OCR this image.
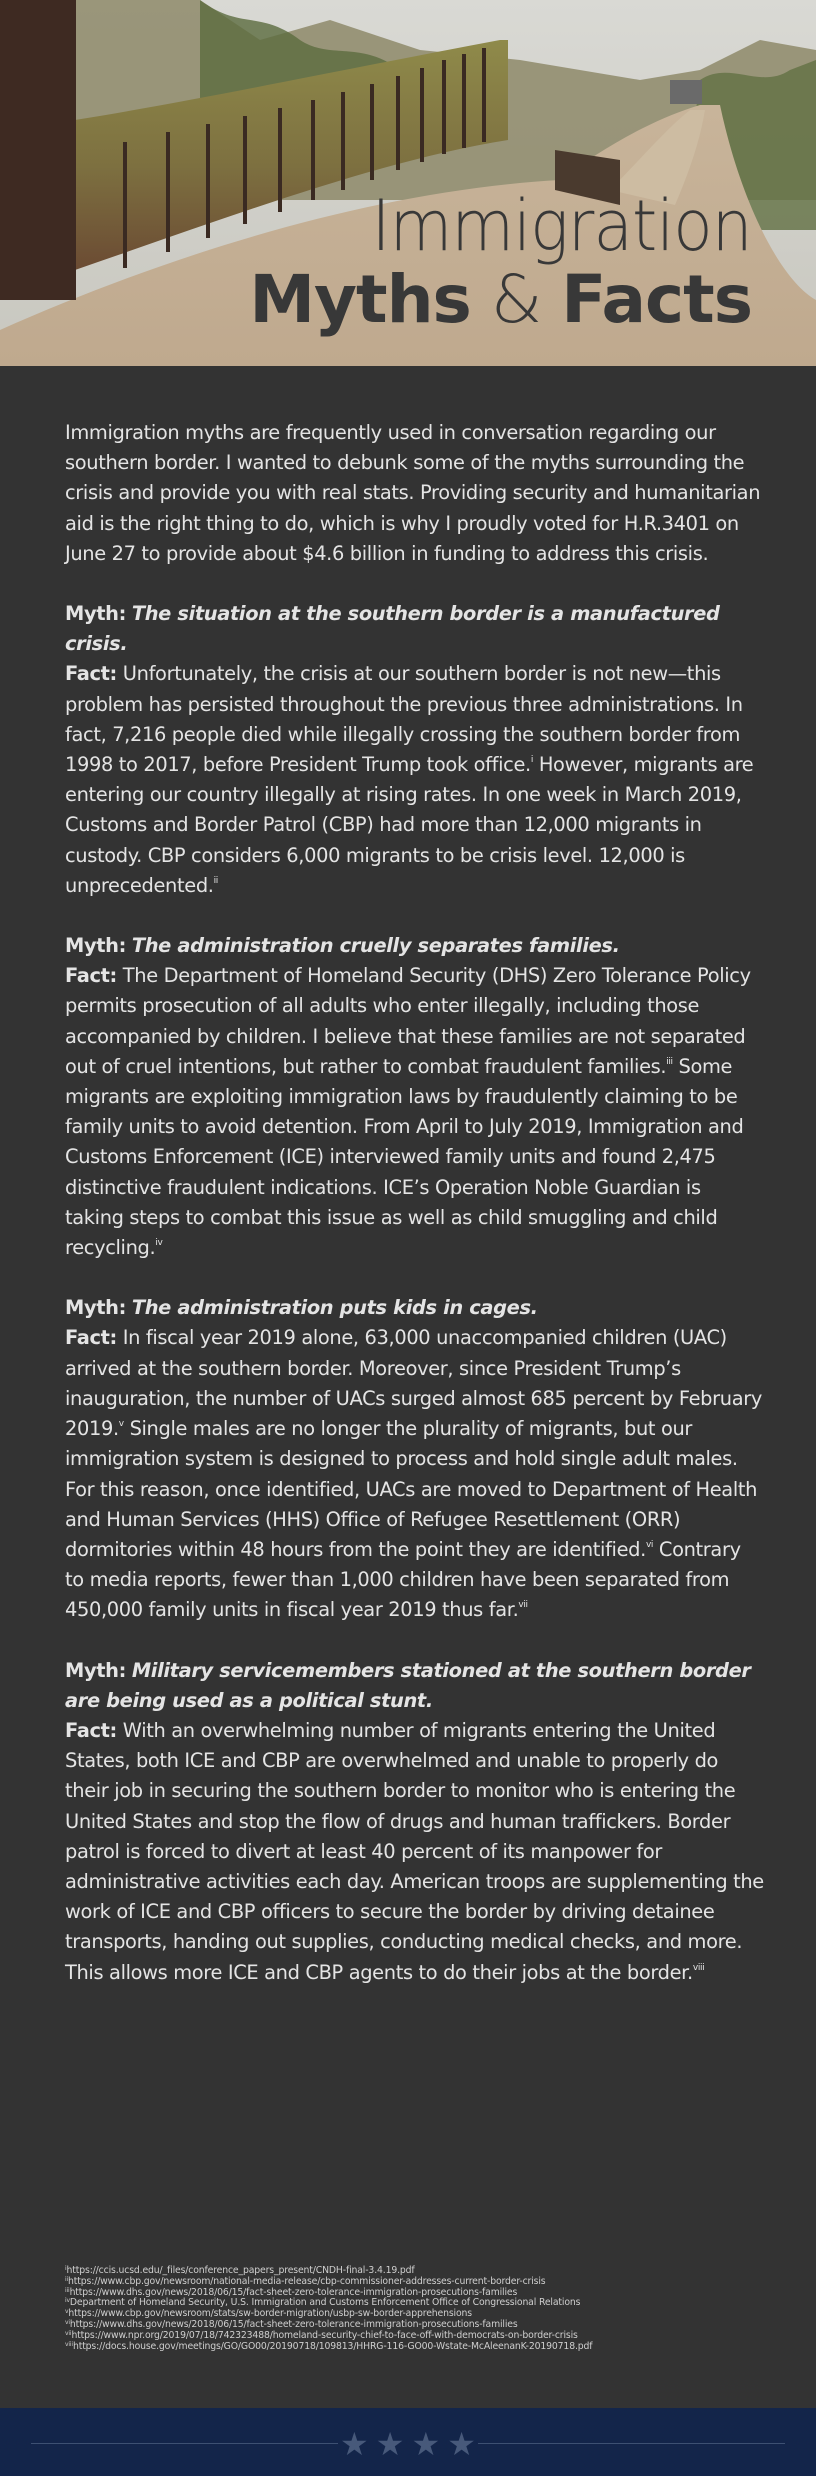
Immigration
Myths & Facts

Immigration myths are frequently used in conversation regarding our southern border. I wanted to debunk some of the myths surrounding the crisis and provide you with real stats. Providing security and humanitarian aid is the right thing to do, which is why I proudly voted for H.R.3401 on June 27 to provide about $4.6 billion in funding to address this crisis.

Myth: The situation at the southern border is a manufactured crisis.

Fact: Unfortunately, the crisis at our southern border is not new—this problem has persisted throughout the previous three administrations. In fact, 7,216 people died while illegally crossing the southern border from 1998 to 2017, before President Trump took office.$^i$ However, migrants are entering our country illegally at rising rates. In one week in March 2019, Customs and Border Patrol (CBP) had more than 12,000 migrants in custody. CBP considers 6,000 migrants to be crisis level. 12,000 is unprecedented.$^{ii}$

Myth: The administration cruelly separates families.

Fact: The Department of Homeland Security (DHS) Zero Tolerance Policy permits prosecution of all adults who enter illegally, including those accompanied by children. I believe that these families are not separated out of cruel intentions, but rather to combat fraudulent families.$^{iii}$ Some migrants are exploiting immigration laws by fraudulently claiming to be family units to avoid detention. From April to July 2019, Immigration and Customs Enforcement (ICE) interviewed family units and found 2,475 distinctive fraudulent indications. ICE’s Operation Noble Guardian is taking steps to combat this issue as well as child smuggling and child recycling.$^{iv}$

Myth: The administration puts kids in cages.

Fact: In fiscal year 2019 alone, 63,000 unaccompanied children (UAC) arrived at the southern border. Moreover, since President Trump’s inauguration, the number of UACs surged almost 685 percent by February 2019.$^v$ Single males are no longer the plurality of migrants, but our immigration system is designed to process and hold single adult males. For this reason, once identified, UACs are moved to Department of Health and Human Services (HHS) Office of Refugee Resettlement (ORR) dormitories within 48 hours from the point they are identified.$^{vi}$ Contrary to media reports, fewer than 1,000 children have been separated from 450,000 family units in fiscal year 2019 thus far.$^{vii}$

Myth: Military servicemembers stationed at the southern border are being used as a political stunt.

Fact: With an overwhelming number of migrants entering the United States, both ICE and CBP are overwhelmed and unable to properly do their job in securing the southern border to monitor who is entering the United States and stop the flow of drugs and human traffickers. Border patrol is forced to divert at least 40 percent of its manpower for administrative activities each day. American troops are supplementing the work of ICE and CBP officers to secure the border by driving detainee transports, handing out supplies, conducting medical checks, and more. This allows more ICE and CBP agents to do their jobs at the border.$^{viii}$

$^i$https://ccis.ucsd.edu/_files/conference_papers_present/CNDH-final-3.4.19.pdf
$^{ii}$https://www.cbp.gov/newsroom/national-media-release/cbp-commissioner-addresses-current-border-crisis
$^{iii}$https://www.dhs.gov/news/2018/06/15/fact-sheet-zero-tolerance-immigration-prosecutions-families
$^{iv}$Department of Homeland Security, U.S. Immigration and Customs Enforcement Office of Congressional Relations
$^v$https://www.cbp.gov/newsroom/stats/sw-border-migration/usbp-sw-border-apprehensions
$^{vi}$https://www.dhs.gov/news/2018/06/15/fact-sheet-zero-tolerance-immigration-prosecutions-families
$^{vii}$https://www.npr.org/2019/07/18/742323488/homeland-security-chief-to-face-off-with-democrats-on-border-crisis
$^{viii}$https://docs.house.gov/meetings/GO/GO00/20190718/109813/HHRG-116-GO00-Wstate-McAleenanK-20190718.pdf
★ ★ ★ ★
